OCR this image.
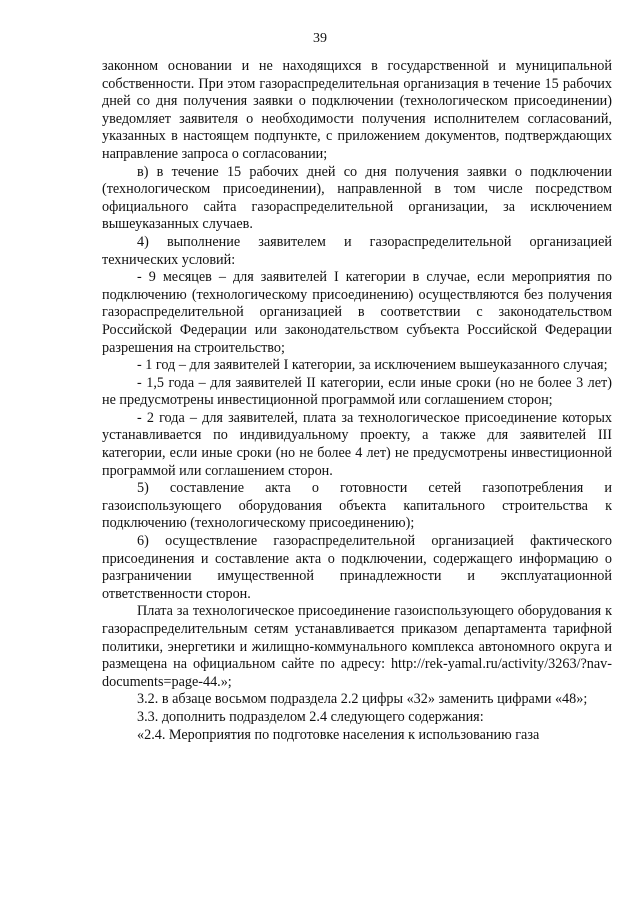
39

законном основании и не находящихся в государственной и муниципальной собственности. При этом газораспределительная организация в течение 15 рабочих дней со дня получения заявки о подключении (технологическом присоединении) уведомляет заявителя о необходимости получения исполнителем согласований, указанных в настоящем подпункте, с приложением документов, подтверждающих направление запроса о согласовании;

в) в течение 15 рабочих дней со дня получения заявки о подключении (технологическом присоединении), направленной в том числе посредством официального сайта газораспределительной организации, за исключением вышеуказанных случаев.

4) выполнение заявителем и газораспределительной организацией технических условий:

- 9 месяцев – для заявителей I категории в случае, если мероприятия по подключению (технологическому присоединению) осуществляются без получения газораспределительной организацией в соответствии с законодательством Российской Федерации или законодательством субъекта Российской Федерации разрешения на строительство;

- 1 год – для заявителей I категории, за исключением вышеуказанного случая;

- 1,5 года – для заявителей II категории, если иные сроки (но не более 3 лет) не предусмотрены инвестиционной программой или соглашением сторон;

- 2 года – для заявителей, плата за технологическое присоединение которых устанавливается по индивидуальному проекту, а также для заявителей III категории, если иные сроки (но не более 4 лет) не предусмотрены инвестиционной программой или соглашением сторон.

5) составление акта о готовности сетей газопотребления и газоиспользующего оборудования объекта капитального строительства к подключению (технологическому присоединению);

6) осуществление газораспределительной организацией фактического присоединения и составление акта о подключении, содержащего информацию о разграничении имущественной принадлежности и эксплуатационной ответственности сторон.

Плата за технологическое присоединение газоиспользующего оборудования к газораспределительным сетям устанавливается приказом департамента тарифной политики, энергетики и жилищно-коммунального комплекса автономного округа и размещена на официальном сайте по адресу: http://rek-yamal.ru/activity/3263/?nav-documents=page-44.»;

3.2. в абзаце восьмом подраздела 2.2 цифры «32» заменить цифрами «48»;

3.3. дополнить подразделом 2.4 следующего содержания:

«2.4. Мероприятия по подготовке населения к использованию газа
